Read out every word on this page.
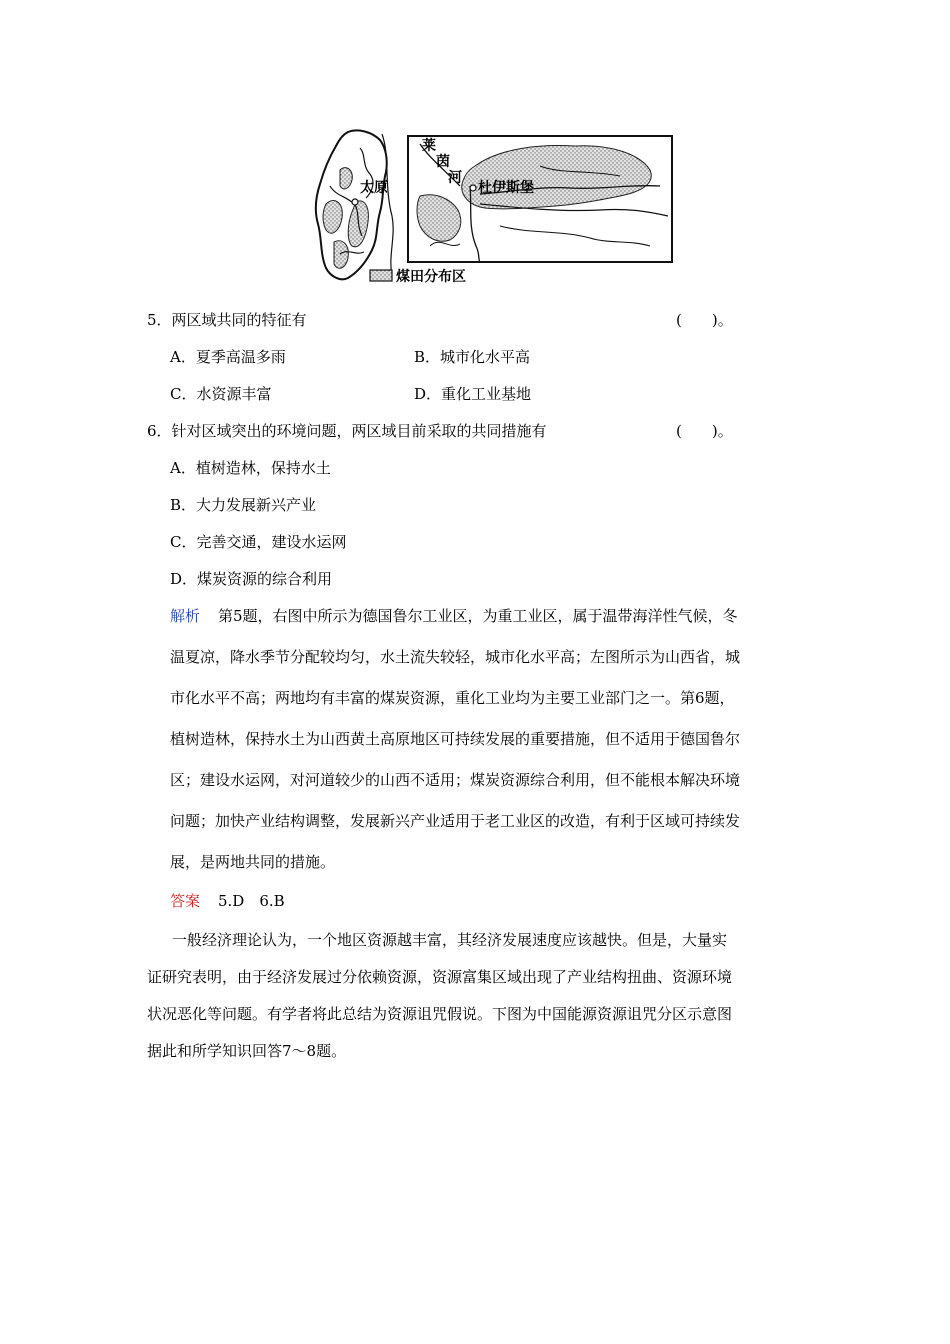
太原
莱
茵
河
杜伊斯堡
煤田分布区
5．两区域共同的特征有	(　　)。
A．夏季高温多雨	B．城市化水平高
C．水资源丰富	D．重化工业基地
6．针对区域突出的环境问题，两区域目前采取的共同措施有	(　　)。
A．植树造林，保持水土
B．大力发展新兴产业
C．完善交通，建设水运网
D．煤炭资源的综合利用
解析 第5题，右图中所示为德国鲁尔工业区，为重工业区，属于温带海洋性气候，冬
温夏凉，降水季节分配较均匀，水土流失较轻，城市化水平高；左图所示为山西省，城
市化水平不高；两地均有丰富的煤炭资源，重化工业均为主要工业部门之一。第6题，
植树造林，保持水土为山西黄土高原地区可持续发展的重要措施，但不适用于德国鲁尔
区；建设水运网，对河道较少的山西不适用；煤炭资源综合利用，但不能根本解决环境
问题；加快产业结构调整，发展新兴产业适用于老工业区的改造，有利于区域可持续发
展，是两地共同的措施。
答案 5.D　6.B
一般经济理论认为，一个地区资源越丰富，其经济发展速度应该越快。但是，大量实
证研究表明，由于经济发展过分依赖资源，资源富集区域出现了产业结构扭曲、资源环境
状况恶化等问题。有学者将此总结为资源诅咒假说。下图为中国能源资源诅咒分区示意图
据此和所学知识回答7～8题。
